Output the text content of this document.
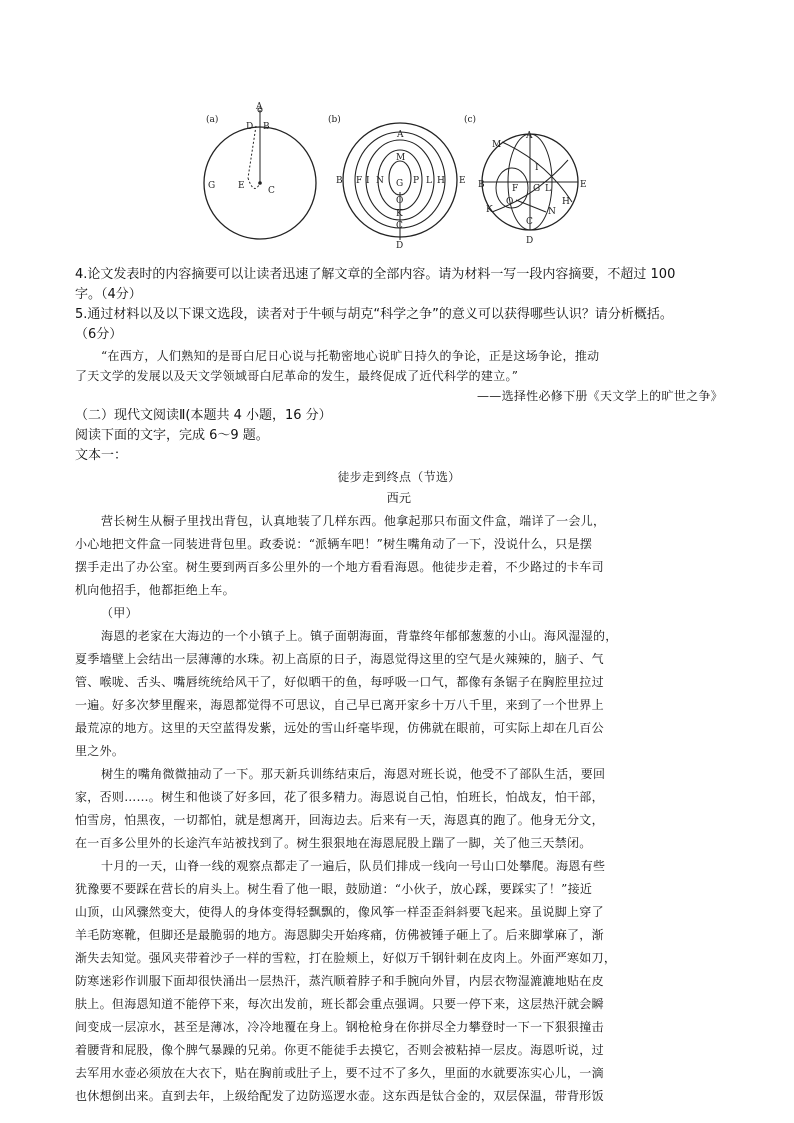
(a)
A
D B
G	E	C
(b)
A
M
B F I N G P L H E
O
K
C
D
(c)
M
A
I
B	F G L	E
O	H
K	N
C
D
4.论文发表时的内容摘要可以让读者迅速了解文章的全部内容。请为材料一写一段内容摘要，不超过 100
字。（4分）
5.通过材料以及以下课文选段，读者对于牛顿与胡克“科学之争”的意义可以获得哪些认识？请分析概括。
（6分）
“在西方，人们熟知的是哥白尼日心说与托勒密地心说旷日持久的争论，正是这场争论，推动
了天文学的发展以及天文学领域哥白尼革命的发生，最终促成了近代科学的建立。”
——选择性必修下册《天文学上的旷世之争》
（二）现代文阅读Ⅱ(本题共 4 小题，16 分）
阅读下面的文字，完成 6～9 题。
文本一：
徒步走到终点（节选）
西元
营长树生从橱子里找出背包，认真地装了几样东西。他拿起那只布面文件盒，端详了一会儿，
小心地把文件盒一同装进背包里。政委说：“派辆车吧！”树生嘴角动了一下，没说什么，只是摆
摆手走出了办公室。树生要到两百多公里外的一个地方看看海恩。他徒步走着，不少路过的卡车司
机向他招手，他都拒绝上车。
（甲）
海恩的老家在大海边的一个小镇子上。镇子面朝海面，背靠终年郁郁葱葱的小山。海风湿湿的，
夏季墙壁上会结出一层薄薄的水珠。初上高原的日子，海恩觉得这里的空气是火辣辣的，脑子、气
管、喉咙、舌头、嘴唇统统给风干了，好似晒干的鱼，每呼吸一口气，都像有条锯子在胸腔里拉过
一遍。好多次梦里醒来，海恩都觉得不可思议，自己早已离开家乡十万八千里，来到了一个世界上
最荒凉的地方。这里的天空蓝得发紫，远处的雪山纤毫毕现，仿佛就在眼前，可实际上却在几百公
里之外。
树生的嘴角微微抽动了一下。那天新兵训练结束后，海恩对班长说，他受不了部队生活，要回
家，否则……。树生和他谈了好多回，花了很多精力。海恩说自己怕，怕班长，怕战友，怕干部，
怕雪房，怕黑夜，一切都怕，就是想离开，回海边去。后来有一天，海恩真的跑了。他身无分文，
在一百多公里外的长途汽车站被找到了。树生狠狠地在海恩屁股上踹了一脚，关了他三天禁闭。
十月的一天，山脊一线的观察点都走了一遍后，队员们排成一线向一号山口处攀爬。海恩有些
犹豫要不要踩在营长的肩头上。树生看了他一眼，鼓励道：“小伙子，放心踩，要踩实了！”接近
山顶，山风骤然变大，使得人的身体变得轻飘飘的，像风筝一样歪歪斜斜要飞起来。虽说脚上穿了
羊毛防寒靴，但脚还是最脆弱的地方。海恩脚尖开始疼痛，仿佛被锤子砸上了。后来脚掌麻了，渐
渐失去知觉。强风夹带着沙子一样的雪粒，打在脸颊上，好似万千钢针刺在皮肉上。外面严寒如刀，
防寒迷彩作训服下面却很快涌出一层热汗，蒸汽顺着脖子和手腕向外冒，内层衣物湿漉漉地贴在皮
肤上。但海恩知道不能停下来，每次出发前，班长都会重点强调。只要一停下来，这层热汗就会瞬
间变成一层凉水，甚至是薄冰，冷冷地覆在身上。钢枪枪身在你拼尽全力攀登时一下一下狠狠撞击
着腰背和屁股，像个脾气暴躁的兄弟。你更不能徒手去摸它，否则会被粘掉一层皮。海恩听说，过
去军用水壶必须放在大衣下，贴在胸前或肚子上，要不过不了多久，里面的水就要冻实心儿，一滴
也休想倒出来。直到去年，上级给配发了边防巡逻水壶。这东西是钛合金的，双层保温，带背形饭
